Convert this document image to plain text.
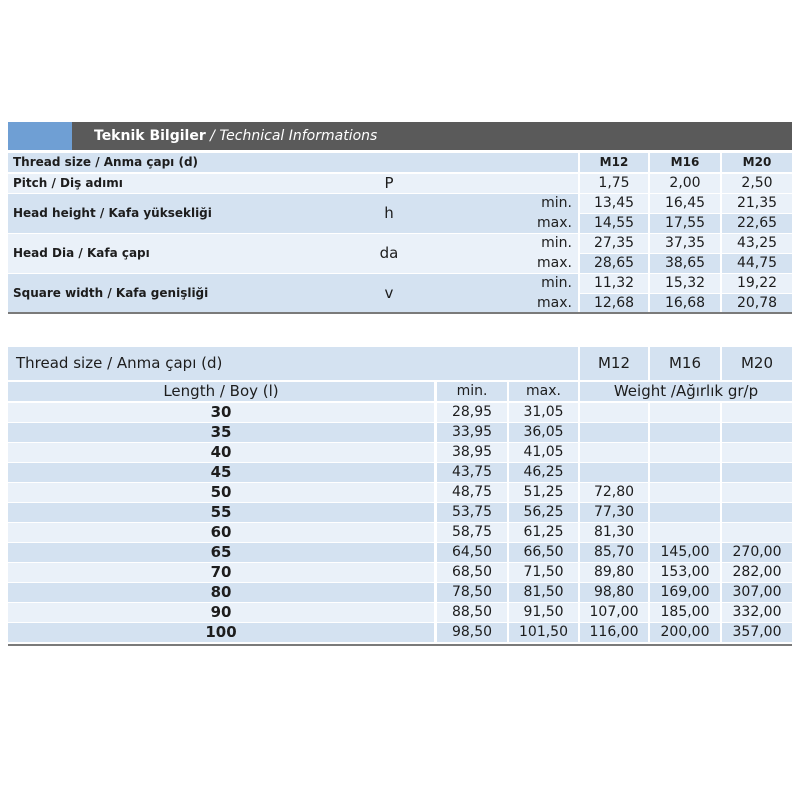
Teknik Bilgiler / Technical Informations
Thread size / Anma çapı (d)	M12	M16	M20
Pitch / Diş adımı	P	1,75	2,00	2,50
Head height / Kafa yüksekliği	h
min.	13,45	16,45	21,35
max.	14,55	17,55	22,65
Head Dia / Kafa çapı	da
min.	27,35	37,35	43,25
max.	28,65	38,65	44,75
Square width / Kafa genişliği	v
min.	11,32	15,32	19,22
max.	12,68	16,68	20,78
Thread size / Anma çapı (d)	M12	M16	M20
Length / Boy (l)	min.	max.	Weight /Ağırlık gr/p
30	28,95	31,05
35	33,95	36,05
40	38,95	41,05
45	43,75	46,25
50	48,75	51,25	72,80
55	53,75	56,25	77,30
60	58,75	61,25	81,30
65	64,50	66,50	85,70	145,00	270,00
70	68,50	71,50	89,80	153,00	282,00
80	78,50	81,50	98,80	169,00	307,00
90	88,50	91,50	107,00	185,00	332,00
100	98,50	101,50	116,00	200,00	357,00
